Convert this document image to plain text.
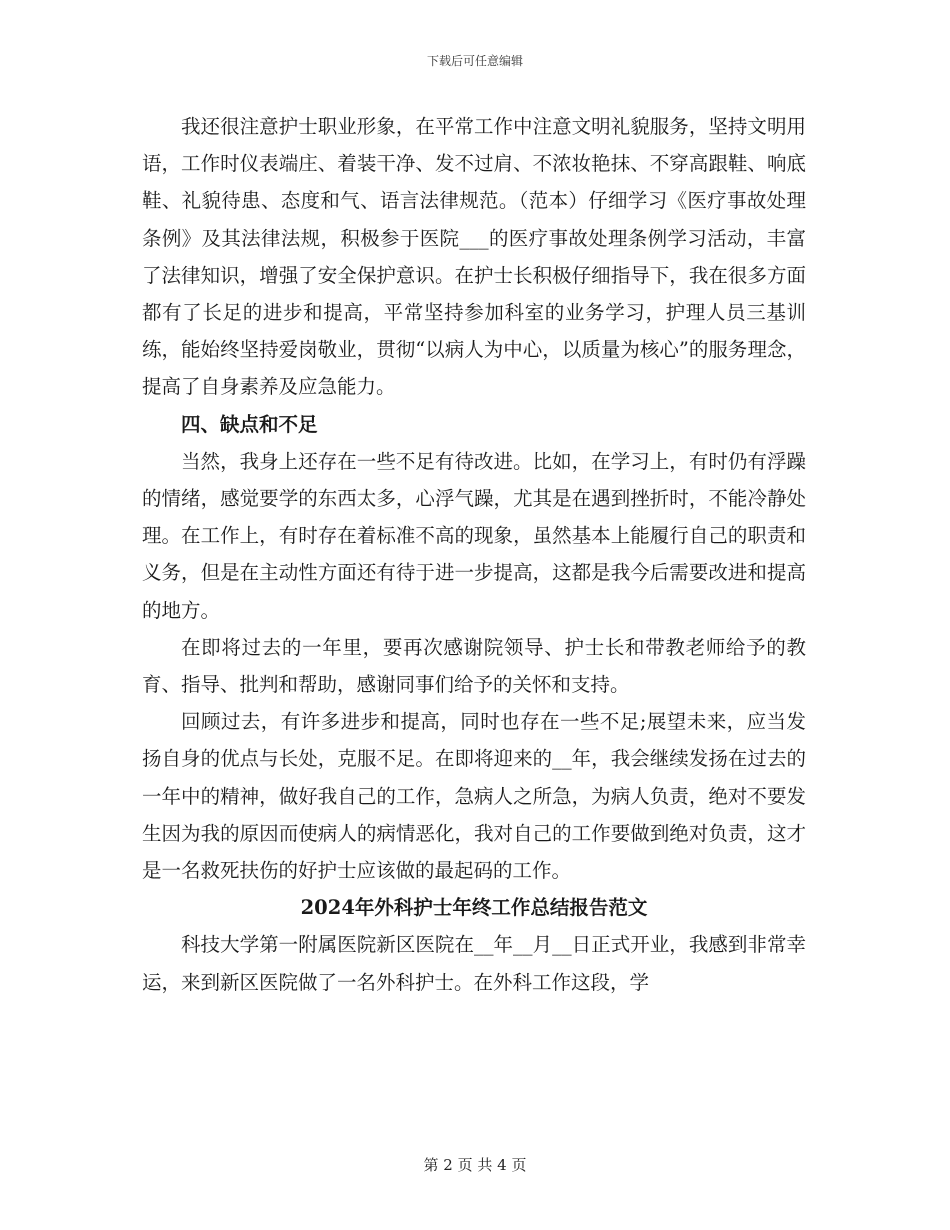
下载后可任意编辑

我还很注意护士职业形象，在平常工作中注意文明礼貌服务，坚持文明用语，工作时仪表端庄、着装干净、发不过肩、不浓妆艳抹、不穿高跟鞋、响底鞋、礼貌待患、态度和气、语言法律规范。（范本）仔细学习《医疗事故处理条例》及其法律法规，积极参于医院___的医疗事故处理条例学习活动，丰富了法律知识，增强了安全保护意识。在护士长积极仔细指导下，我在很多方面都有了长足的进步和提高，平常坚持参加科室的业务学习，护理人员三基训练，能始终坚持爱岗敬业，贯彻“以病人为中心，以质量为核心”的服务理念，提高了自身素养及应急能力。

四、缺点和不足

当然，我身上还存在一些不足有待改进。比如，在学习上，有时仍有浮躁的情绪，感觉要学的东西太多，心浮气躁，尤其是在遇到挫折时，不能冷静处理。在工作上，有时存在着标准不高的现象，虽然基本上能履行自己的职责和义务，但是在主动性方面还有待于进一步提高，这都是我今后需要改进和提高的地方。

在即将过去的一年里，要再次感谢院领导、护士长和带教老师给予的教育、指导、批判和帮助，感谢同事们给予的关怀和支持。

回顾过去，有许多进步和提高，同时也存在一些不足;展望未来，应当发扬自身的优点与长处，克服不足。在即将迎来的__年，我会继续发扬在过去的一年中的精神，做好我自己的工作，急病人之所急，为病人负责，绝对不要发生因为我的原因而使病人的病情恶化，我对自己的工作要做到绝对负责，这才是一名救死扶伤的好护士应该做的最起码的工作。

2024年外科护士年终工作总结报告范文

科技大学第一附属医院新区医院在__年__月__日正式开业，我感到非常幸运，来到新区医院做了一名外科护士。在外科工作这段，学

第 2 页 共 4 页
